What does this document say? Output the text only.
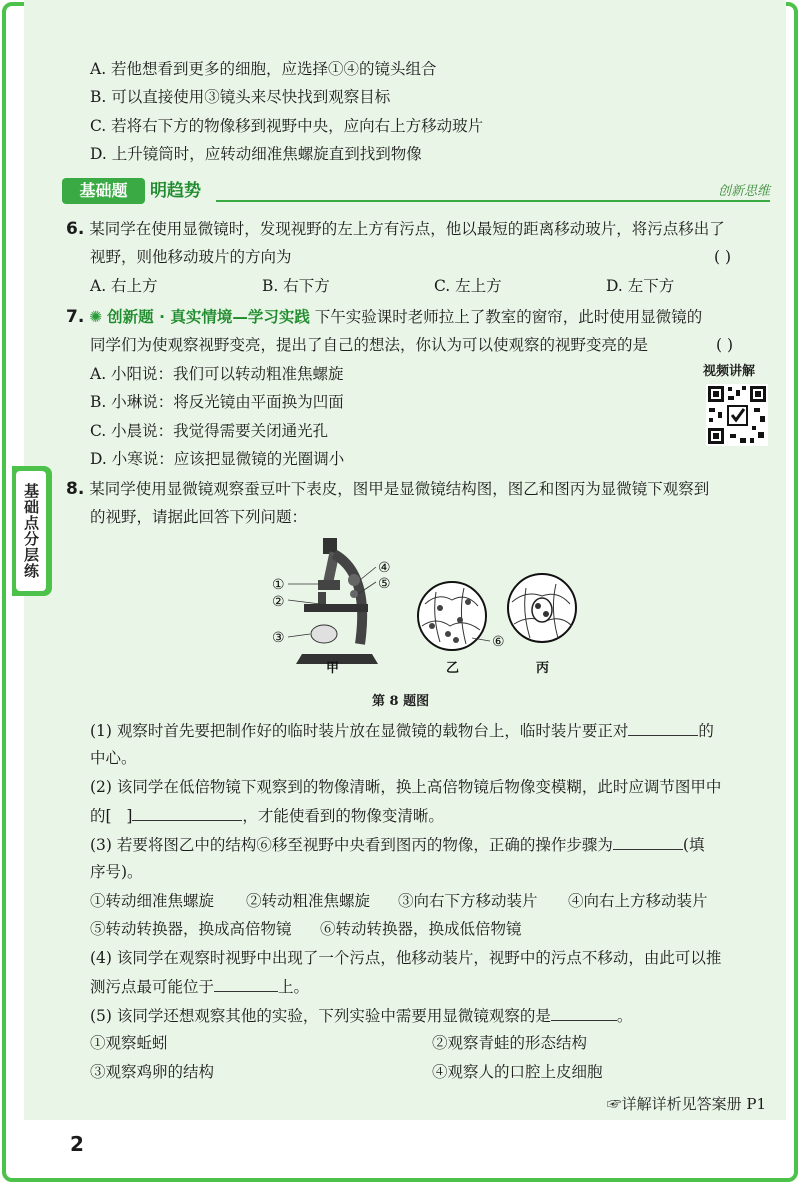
A. 若他想看到更多的细胞，应选择①④的镜头组合
B. 可以直接使用③镜头来尽快找到观察目标
C. 若将右下方的物像移到视野中央，应向右上方移动玻片
D. 上升镜筒时，应转动细准焦螺旋直到找到物像
基础题	明趋势	创新思维
基础点分层练
6. 某同学在使用显微镜时，发现视野的左上方有污点，他以最短的距离移动玻片，将污点移出了
视野，则他移动玻片的方向为	( )
A. 右上方	B. 右下方	C. 左上方	D. 左下方
7. ✺ 创新题 · 真实情境—学习实践 下午实验课时老师拉上了教室的窗帘，此时使用显微镜的
同学们为使观察视野变亮，提出了自己的想法，你认为可以使观察的视野变亮的是	( )
A. 小阳说：我们可以转动粗准焦螺旋
B. 小琳说：将反光镜由平面换为凹面
C. 小晨说：我觉得需要关闭通光孔
D. 小寒说：应该把显微镜的光圈调小
视频讲解
8. 某同学使用显微镜观察蚕豆叶下表皮，图甲是显微镜结构图，图乙和图丙为显微镜下观察到
的视野，请据此回答下列问题：
①
②
③
④
⑤
⑥
甲	乙	丙
第 8 题图
(1) 观察时首先要把制作好的临时装片放在显微镜的载物台上，临时装片要正对	的
中心。
(2) 该同学在低倍物镜下观察到的物像清晰，换上高倍物镜后物像变模糊，此时应调节图甲中
的[ ]	，才能使看到的物像变清晰。
(3) 若要将图乙中的结构⑥移至视野中央看到图丙的物像，正确的操作步骤为	(填
序号)。
①转动细准焦螺旋 ②转动粗准焦螺旋 ③向右下方移动装片 ④向右上方移动装片
⑤转动转换器，换成高倍物镜 ⑥转动转换器，换成低倍物镜
(4) 该同学在观察时视野中出现了一个污点，他移动装片，视野中的污点不移动，由此可以推
测污点最可能位于	上。
(5) 该同学还想观察其他的实验，下列实验中需要用显微镜观察的是	。
①观察蚯蚓	②观察青蛙的形态结构
③观察鸡卵的结构	④观察人的口腔上皮细胞
☞详解详析见答案册 P1
2
